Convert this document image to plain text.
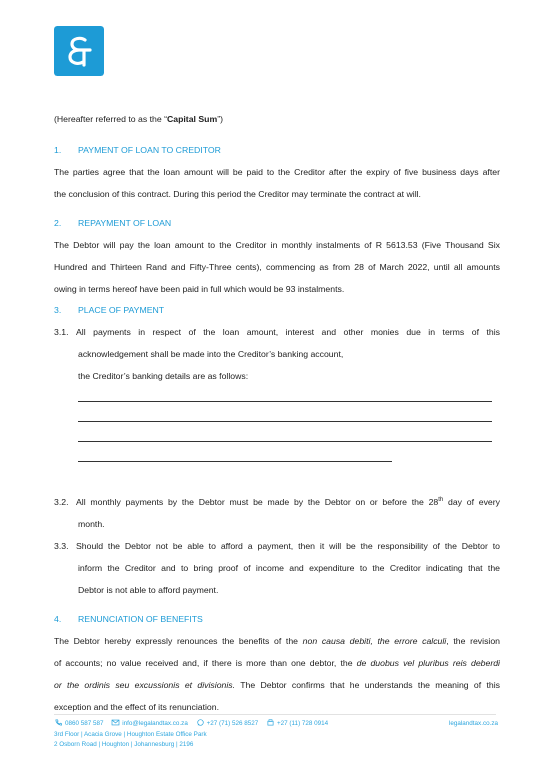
(Hereafter referred to as the “Capital Sum”)
1. PAYMENT OF LOAN TO CREDITOR
The parties agree that the loan amount will be paid to the Creditor after the expiry of five business days after
the conclusion of this contract. During this period the Creditor may terminate the contract at will.
2. REPAYMENT OF LOAN
The Debtor will pay the loan amount to the Creditor in monthly instalments of R 5613.53 (Five Thousand Six
Hundred and Thirteen Rand and Fifty-Three cents), commencing as from 28 of March 2022, until all amounts
owing in terms hereof have been paid in full which would be 93 instalments.
3. PLACE OF PAYMENT
3.1. All payments in respect of the loan amount, interest and other monies due in terms of this
acknowledgement shall be made into the Creditor’s banking account,
the Creditor’s banking details are as follows:
3.2. All monthly payments by the Debtor must be made by the Debtor on or before the 28th day of every
month.
3.3. Should the Debtor not be able to afford a payment, then it will be the responsibility of the Debtor to
inform the Creditor and to bring proof of income and expenditure to the Creditor indicating that the
Debtor is not able to afford payment.
4. RENUNCIATION OF BENEFITS
The Debtor hereby expressly renounces the benefits of the non causa debiti, the errore calculi, the revision
of accounts; no value received and, if there is more than one debtor, the de duobus vel pluribus reis deberdi
or the ordinis seu excussionis et divisionis. The Debtor confirms that he understands the meaning of this
exception and the effect of its renunciation.
0860 587 587	info@legalandtax.co.za	+27 (71) 526 8527	+27 (11) 728 0914	legalandtax.co.za
3rd Floor | Acacia Grove | Houghton Estate Office Park
2 Osborn Road | Houghton | Johannesburg | 2196
